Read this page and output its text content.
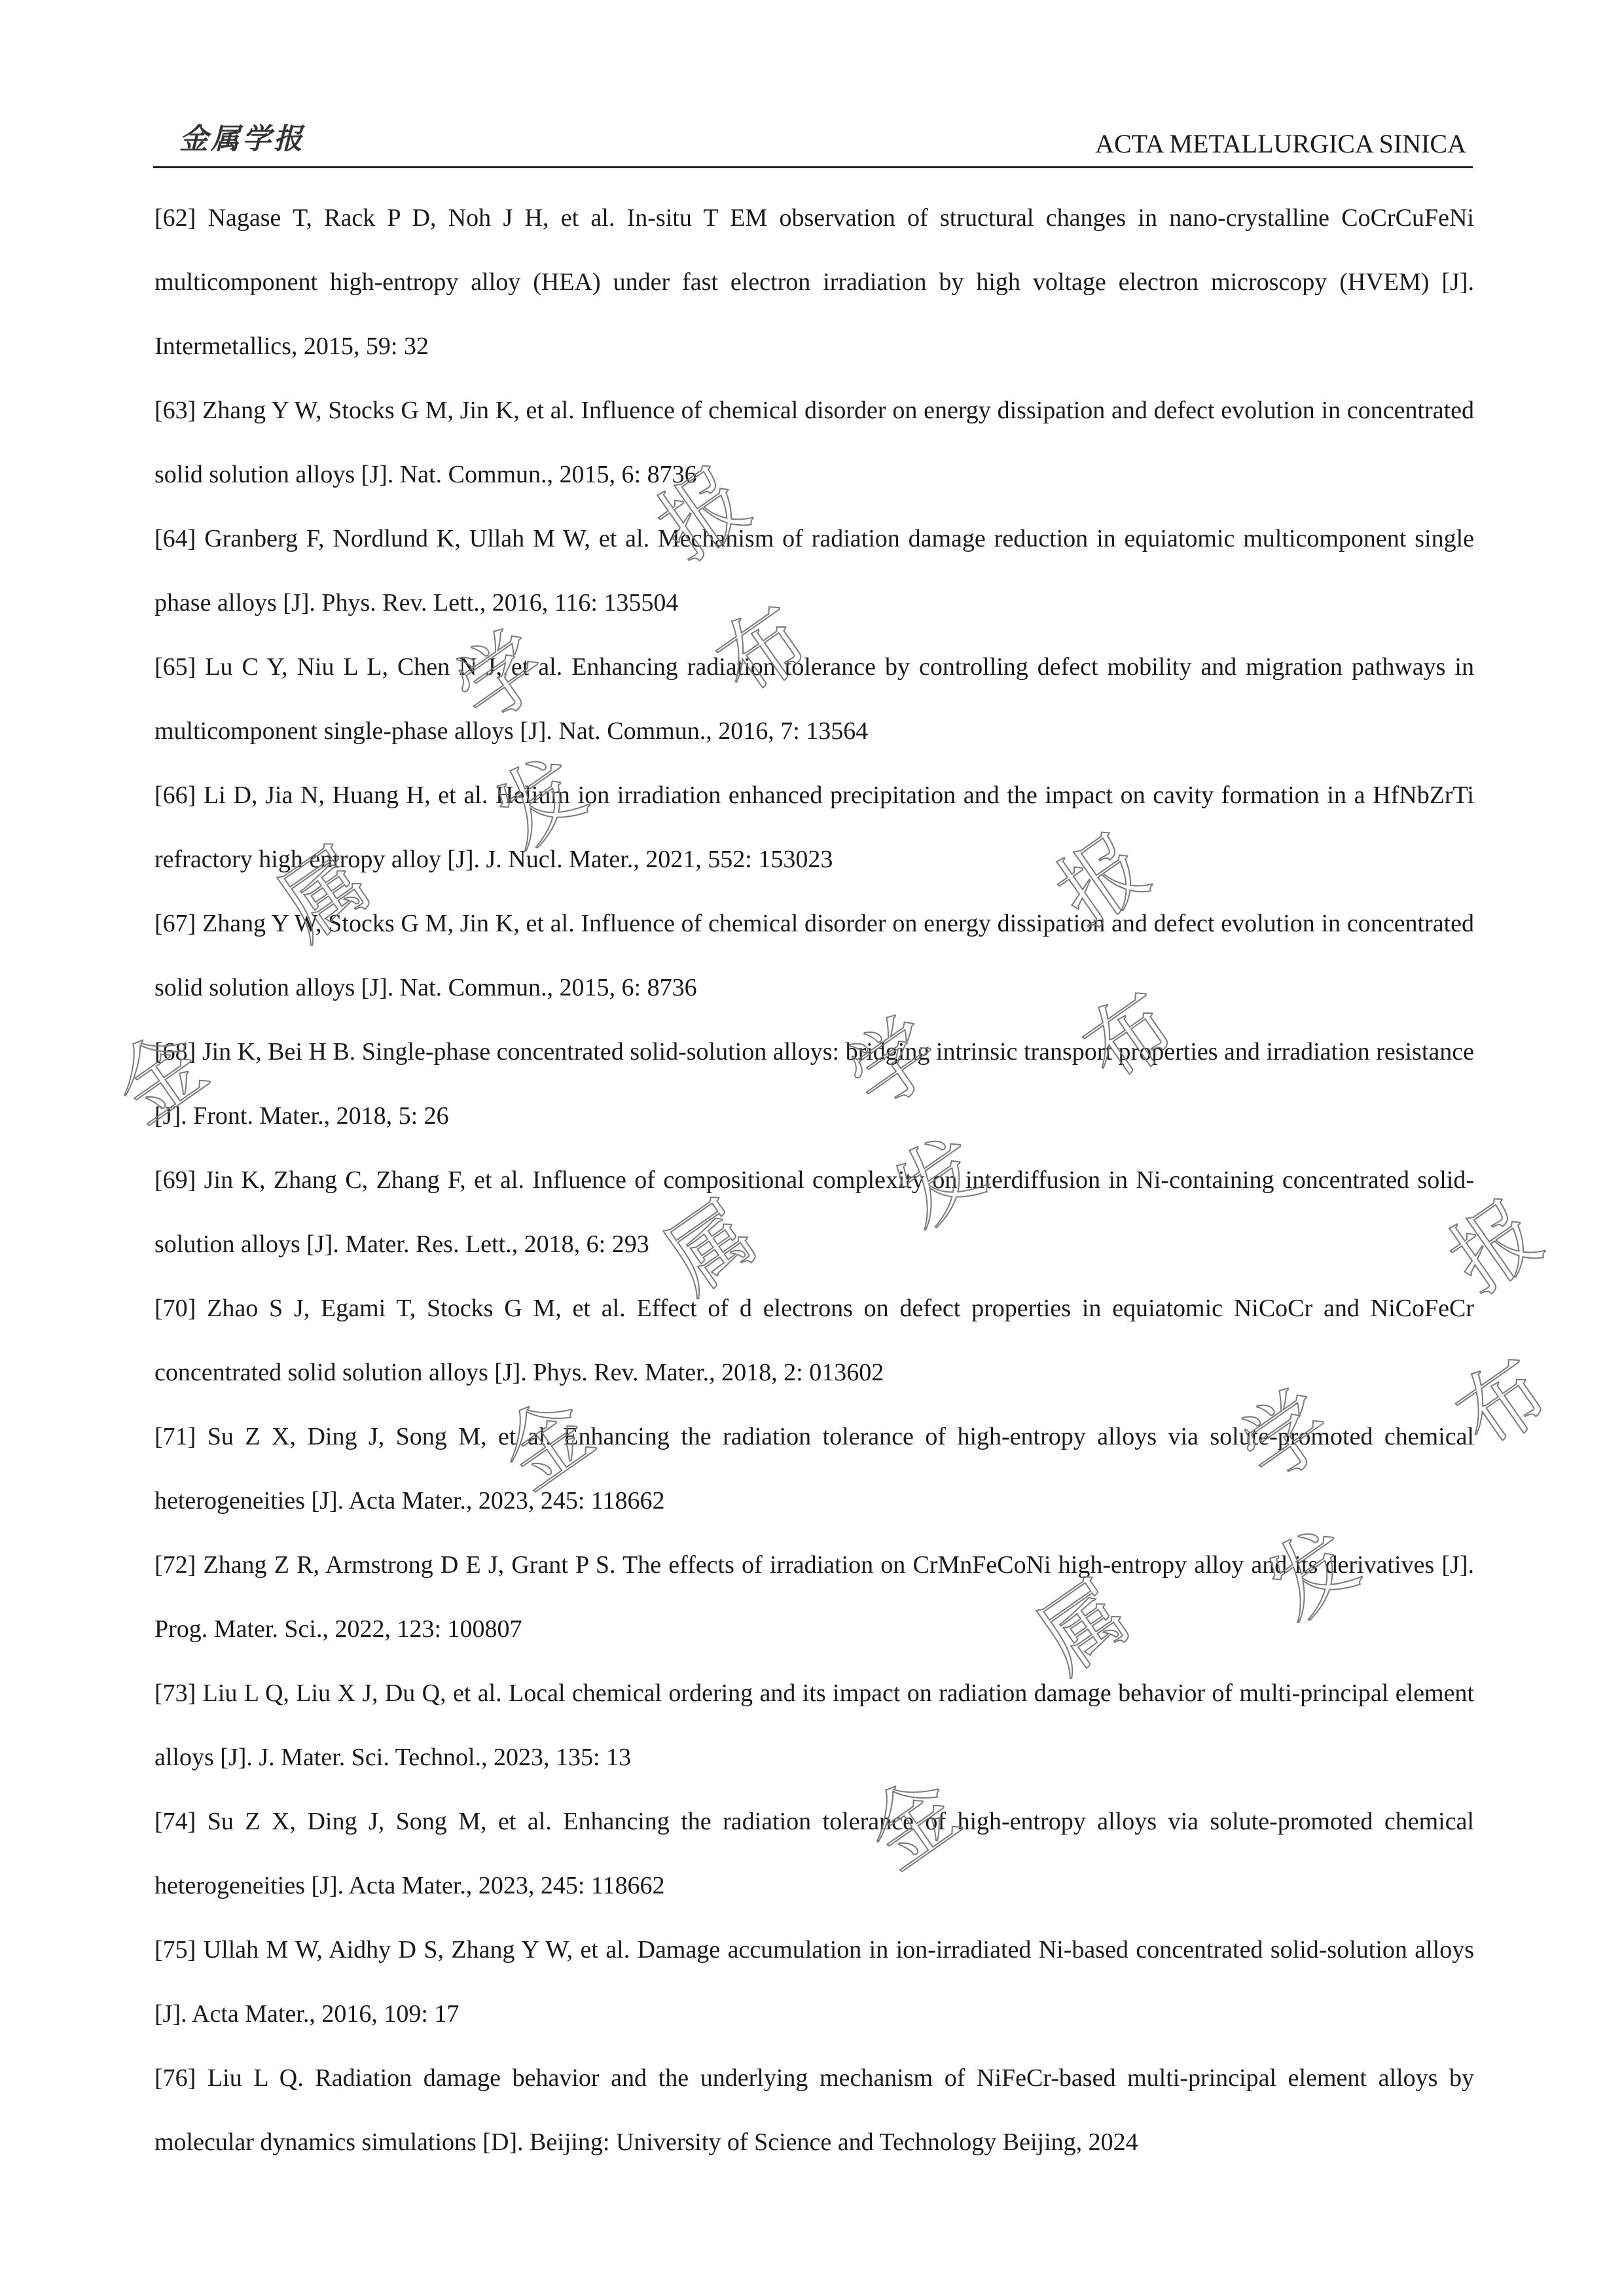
金属学报	ACTA METALLURGICA SINICA

[62] Nagase T, Rack P D, Noh J H, et al. In-situ T EM observation of structural changes in nano-crystalline CoCrCuFeNi multicomponent high-entropy alloy (HEA) under fast electron irradiation by high voltage electron microscopy (HVEM) [J]. Intermetallics, 2015, 59: 32

[63] Zhang Y W, Stocks G M, Jin K, et al. Influence of chemical disorder on energy dissipation and defect evolution in concentrated solid solution alloys [J]. Nat. Commun., 2015, 6: 8736

[64] Granberg F, Nordlund K, Ullah M W, et al. Mechanism of radiation damage reduction in equiatomic multicomponent single phase alloys [J]. Phys. Rev. Lett., 2016, 116: 135504

[65] Lu C Y, Niu L L, Chen N J, et al. Enhancing radiation tolerance by controlling defect mobility and migration pathways in multicomponent single-phase alloys [J]. Nat. Commun., 2016, 7: 13564

[66] Li D, Jia N, Huang H, et al. Helium ion irradiation enhanced precipitation and the impact on cavity formation in a HfNbZrTi refractory high entropy alloy [J]. J. Nucl. Mater., 2021, 552: 153023

[67] Zhang Y W, Stocks G M, Jin K, et al. Influence of chemical disorder on energy dissipation and defect evolution in concentrated solid solution alloys [J]. Nat. Commun., 2015, 6: 8736

[68] Jin K, Bei H B. Single-phase concentrated solid-solution alloys: bridging intrinsic transport properties and irradiation resistance [J]. Front. Mater., 2018, 5: 26

[69] Jin K, Zhang C, Zhang F, et al. Influence of compositional complexity on interdiffusion in Ni-containing concentrated solid-solution alloys [J]. Mater. Res. Lett., 2018, 6: 293

[70] Zhao S J, Egami T, Stocks G M, et al. Effect of d electrons on defect properties in equiatomic NiCoCr and NiCoFeCr concentrated solid solution alloys [J]. Phys. Rev. Mater., 2018, 2: 013602

[71] Su Z X, Ding J, Song M, et al. Enhancing the radiation tolerance of high-entropy alloys via solute-promoted chemical heterogeneities [J]. Acta Mater., 2023, 245: 118662

[72] Zhang Z R, Armstrong D E J, Grant P S. The effects of irradiation on CrMnFeCoNi high-entropy alloy and its derivatives [J]. Prog. Mater. Sci., 2022, 123: 100807

[73] Liu L Q, Liu X J, Du Q, et al. Local chemical ordering and its impact on radiation damage behavior of multi-principal element alloys [J]. J. Mater. Sci. Technol., 2023, 135: 13

[74] Su Z X, Ding J, Song M, et al. Enhancing the radiation tolerance of high-entropy alloys via solute-promoted chemical heterogeneities [J]. Acta Mater., 2023, 245: 118662

[75] Ullah M W, Aidhy D S, Zhang Y W, et al. Damage accumulation in ion-irradiated Ni-based concentrated solid-solution alloys [J]. Acta Mater., 2016, 109: 17

[76] Liu L Q. Radiation damage behavior and the underlying mechanism of NiFeCr-based multi-principal element alloys by molecular dynamics simulations [D]. Beijing: University of Science and Technology Beijing, 2024

金
属
学
报
发
布
金
属
学
报
发
布
金
属
学
报
发
布
